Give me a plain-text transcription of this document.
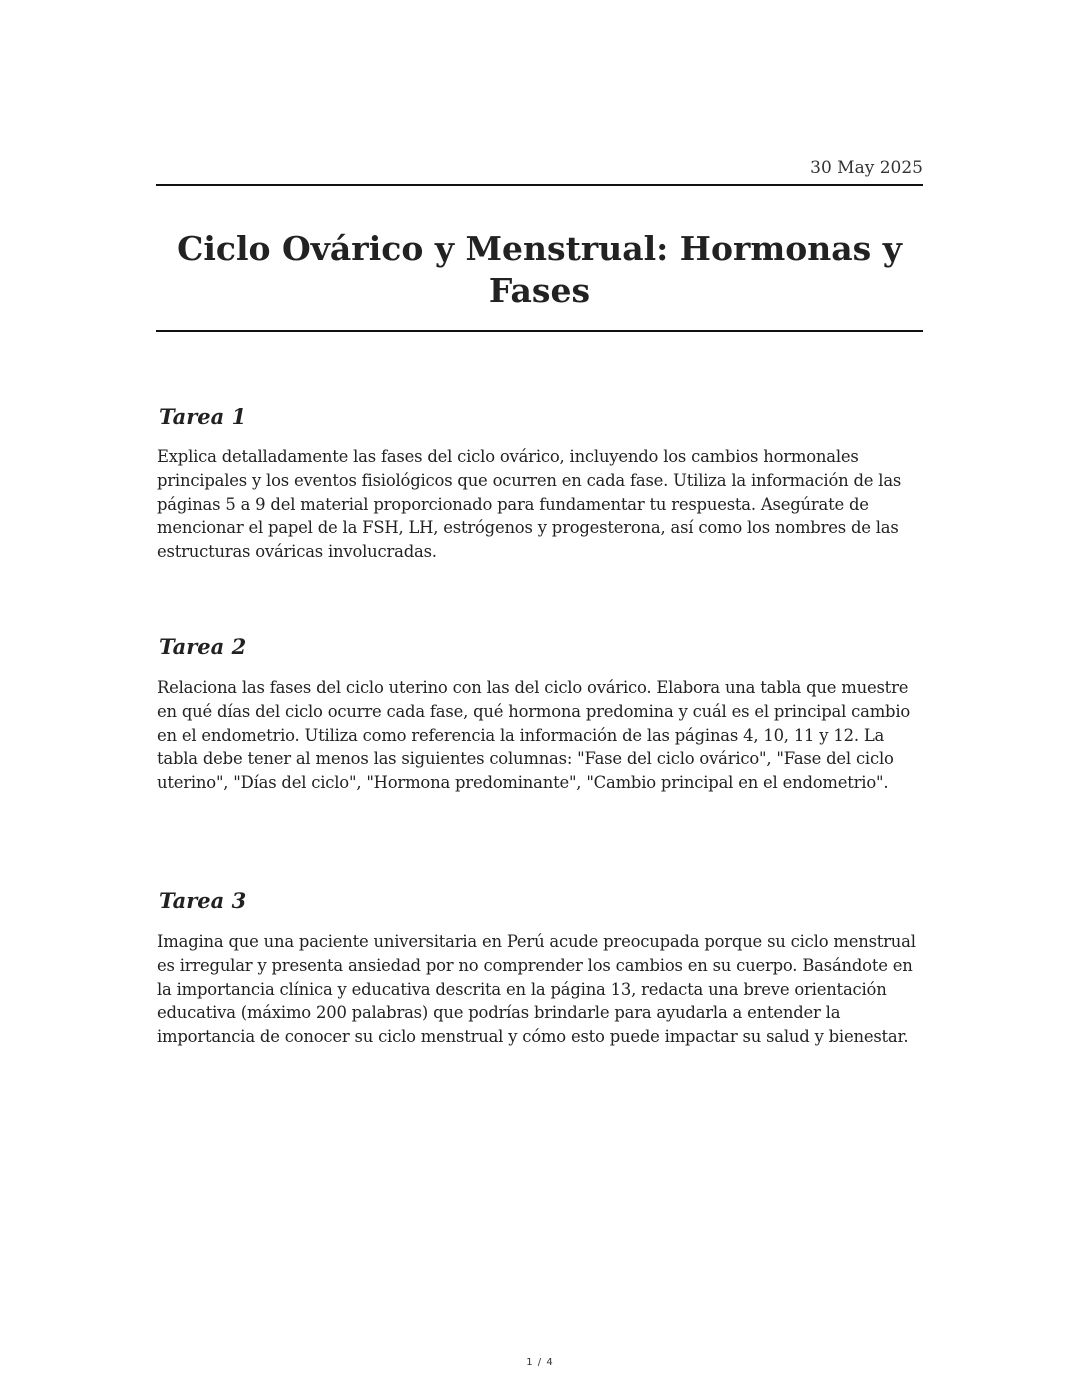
30 May 2025
Ciclo Ovárico y Menstrual: Hormonas y Fases
Tarea 1

Explica detalladamente las fases del ciclo ovárico, incluyendo los cambios hormonales principales y los eventos fisiológicos que ocurren en cada fase. Utiliza la información de las páginas 5 a 9 del material proporcionado para fundamentar tu respuesta. Asegúrate de mencionar el papel de la FSH, LH, estrógenos y progesterona, así como los nombres de las estructuras ováricas involucradas.

Tarea 2

Relaciona las fases del ciclo uterino con las del ciclo ovárico. Elabora una tabla que muestre en qué días del ciclo ocurre cada fase, qué hormona predomina y cuál es el principal cambio en el endometrio. Utiliza como referencia la información de las páginas 4, 10, 11 y 12. La tabla debe tener al menos las siguientes columnas: "Fase del ciclo ovárico", "Fase del ciclo uterino", "Días del ciclo", "Hormona predominante", "Cambio principal en el endometrio".

Tarea 3

Imagina que una paciente universitaria en Perú acude preocupada porque su ciclo menstrual es irregular y presenta ansiedad por no comprender los cambios en su cuerpo. Basándote en la importancia clínica y educativa descrita en la página 13, redacta una breve orientación educativa (máximo 200 palabras) que podrías brindarle para ayudarla a entender la importancia de conocer su ciclo menstrual y cómo esto puede impactar su salud y bienestar.

1 / 4
